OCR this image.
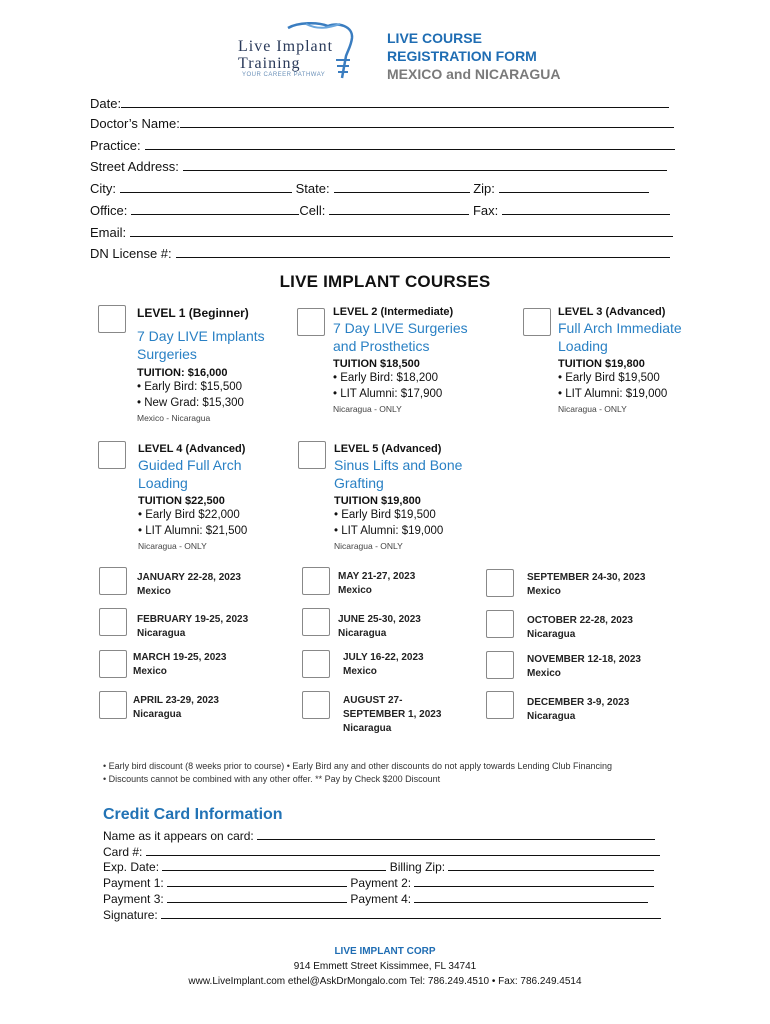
Live Implant
Training
YOUR CAREER PATHWAY
LIVE COURSE
REGISTRATION FORM
MEXICO and NICARAGUA
Date:
Doctor’s Name:
Practice:
Street Address:
City:	State:	Zip:
Office:	Cell:	Fax:
Email:
DN License #:
LIVE IMPLANT COURSES
LEVEL 1 (Beginner)
7 Day LIVE Implants
Surgeries
TUITION: $16,000
• Early Bird: $15,500
• New Grad: $15,300
Mexico - Nicaragua
LEVEL 2 (Intermediate)
7 Day LIVE Surgeries
and Prosthetics
TUITION $18,500
• Early Bird: $18,200
• LIT Alumni: $17,900
Nicaragua - ONLY
LEVEL 3 (Advanced)
Full Arch Immediate
Loading
TUITION $19,800
• Early Bird $19,500
• LIT Alumni: $19,000
Nicaragua - ONLY
LEVEL 4 (Advanced)
Guided Full Arch
Loading
TUITION $22,500
• Early Bird $22,000
• LIT Alumni: $21,500
Nicaragua - ONLY
LEVEL 5 (Advanced)
Sinus Lifts and Bone
Grafting
TUITION $19,800
• Early Bird $19,500
• LIT Alumni: $19,000
Nicaragua - ONLY
JANUARY 22-28, 2023
Mexico
FEBRUARY 19-25, 2023
Nicaragua
MARCH 19-25, 2023
Mexico
APRIL 23-29, 2023
Nicaragua
MAY 21-27, 2023
Mexico
JUNE 25-30, 2023
Nicaragua
JULY 16-22, 2023
Mexico
AUGUST 27-
SEPTEMBER 1, 2023
Nicaragua
SEPTEMBER 24-30, 2023
Mexico
OCTOBER 22-28, 2023
Nicaragua
NOVEMBER 12-18, 2023
Mexico
DECEMBER 3-9, 2023
Nicaragua
• Early bird discount (8 weeks prior to course) • Early Bird any and other discounts do not apply towards Lending Club Financing
• Discounts cannot be combined with any other offer. ** Pay by Check $200 Discount
Credit Card Information
Name as it appears on card:
Card #:
Exp. Date:	Billing Zip:
Payment 1:	Payment 2:
Payment 3:	Payment 4:
Signature:
LIVE IMPLANT CORP
914 Emmett Street Kissimmee, FL 34741
www.LiveImplant.com ethel@AskDrMongalo.com Tel: 786.249.4510 • Fax: 786.249.4514
